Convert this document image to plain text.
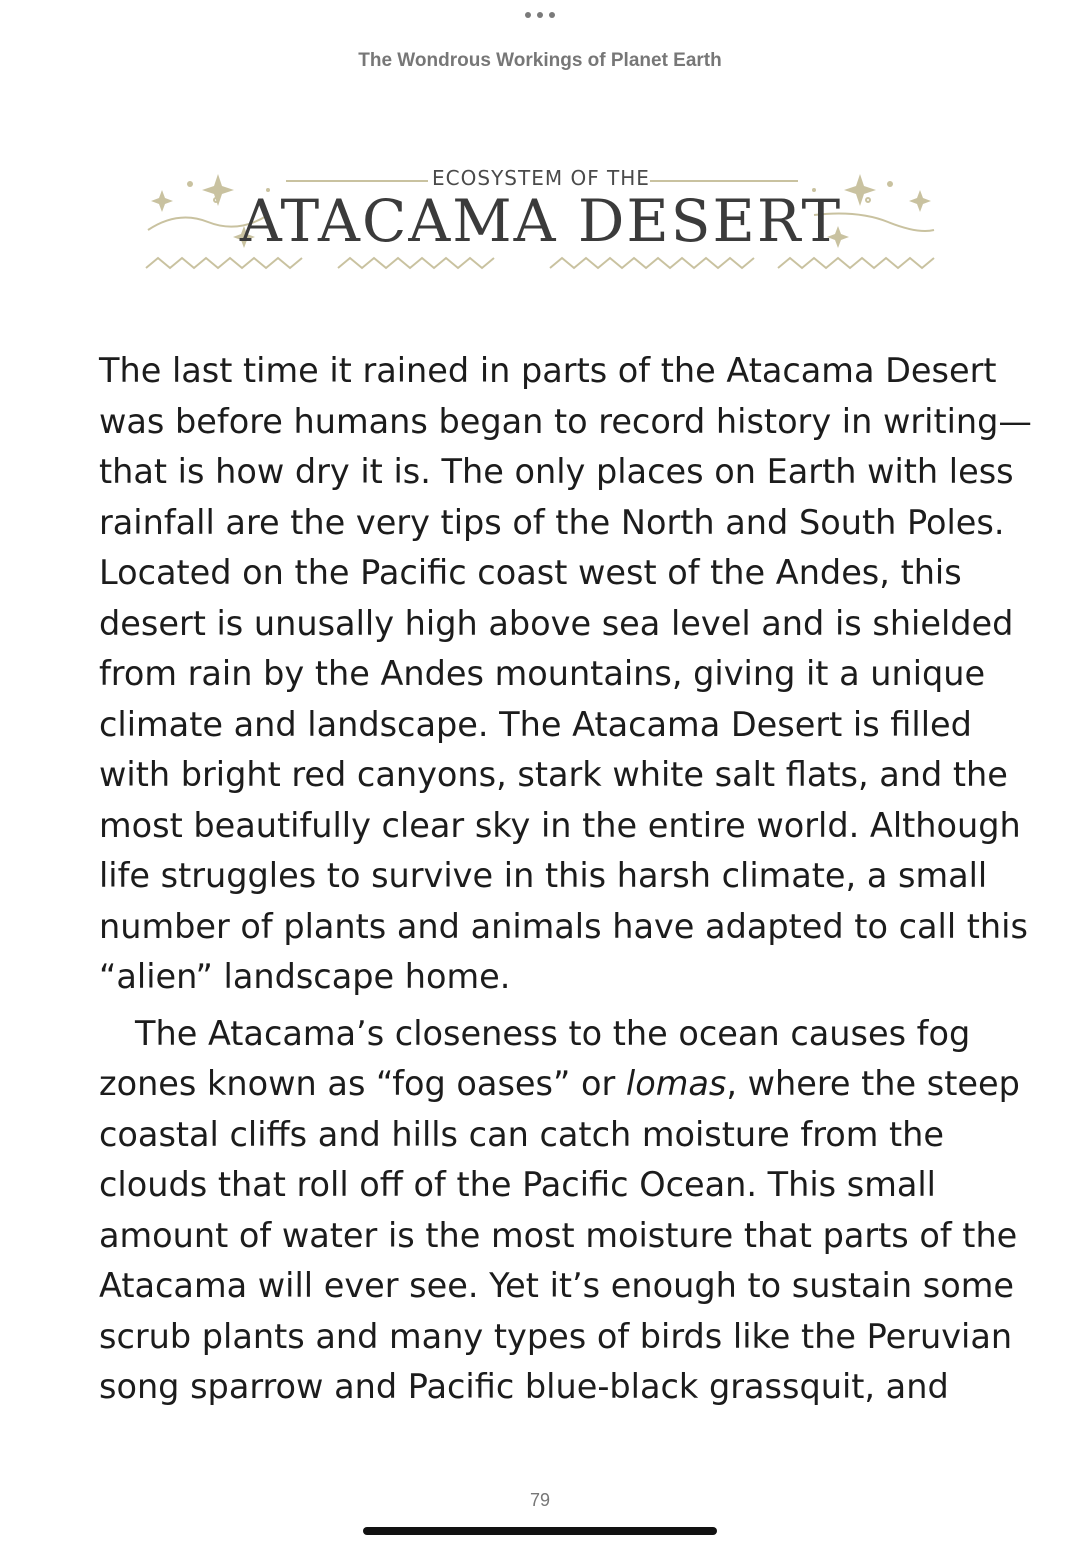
The Wondrous Workings of Planet Earth
ECOSYSTEM OF THE
ATACAMA DESERT
The last time it rained in parts of the Atacama Desert
was before humans began to record history in writing—
that is how dry it is. The only places on Earth with less
rainfall are the very tips of the North and South Poles.
Located on the Pacific coast west of the Andes, this
desert is unusally high above sea level and is shielded
from rain by the Andes mountains, giving it a unique
climate and landscape. The Atacama Desert is filled
with bright red canyons, stark white salt flats, and the
most beautifully clear sky in the entire world. Although
life struggles to survive in this harsh climate, a small
number of plants and animals have adapted to call this
“alien” landscape home.
The Atacama’s closeness to the ocean causes fog
zones known as “fog oases” or lomas, where the steep
coastal cliffs and hills can catch moisture from the
clouds that roll off of the Pacific Ocean. This small
amount of water is the most moisture that parts of the
Atacama will ever see. Yet it’s enough to sustain some
scrub plants and many types of birds like the Peruvian
song sparrow and Pacific blue-black grassquit, and
79
